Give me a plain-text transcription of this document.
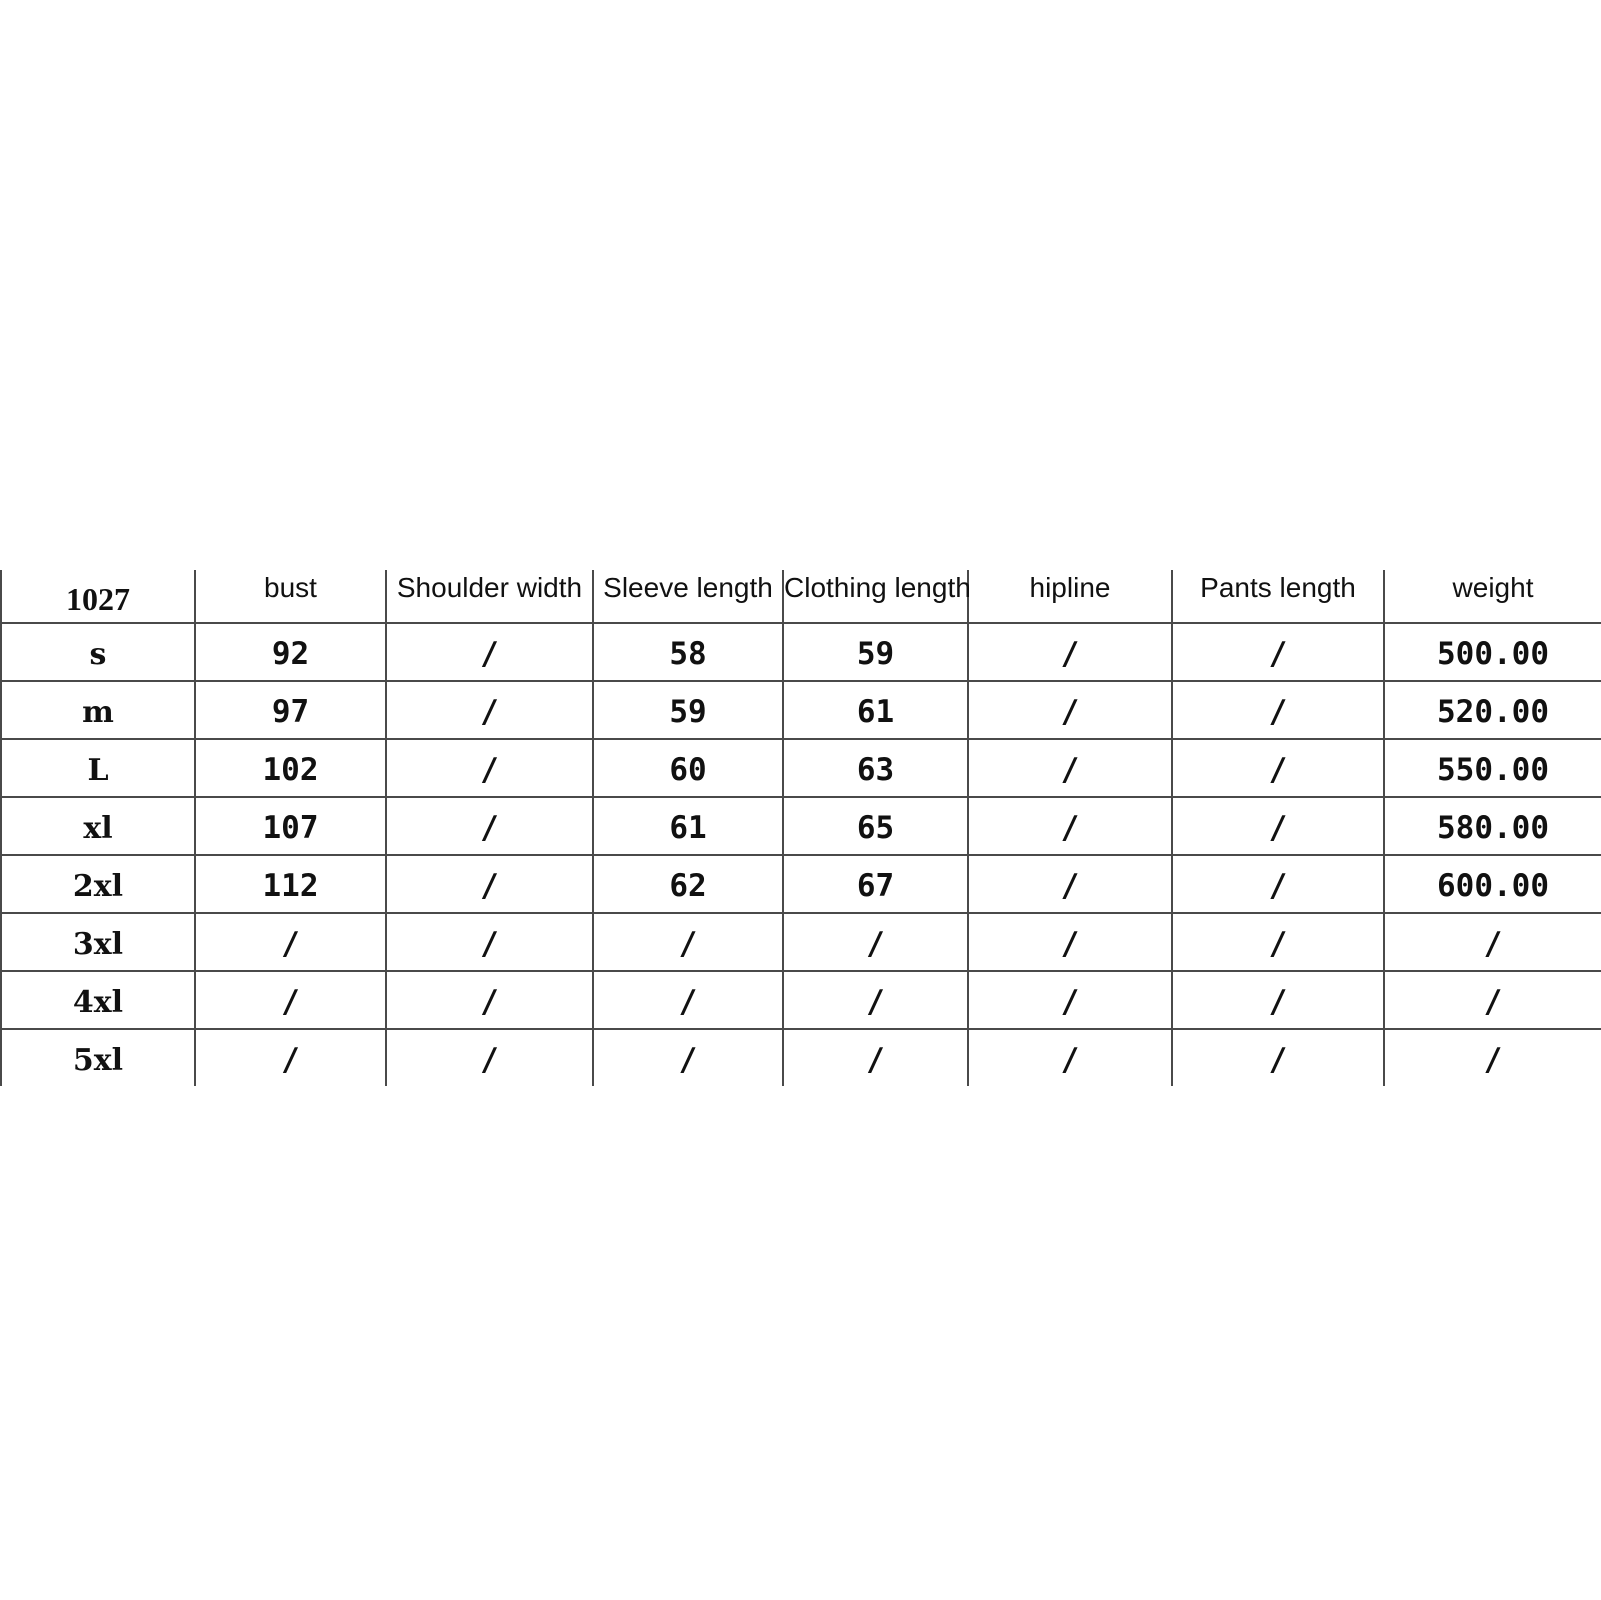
1027	bust	Shoulder width	Sleeve length	Clothing length	hipline	Pants length	weight
s	92	/	58	59	/	/	500.00
m	97	/	59	61	/	/	520.00
L	102	/	60	63	/	/	550.00
xl	107	/	61	65	/	/	580.00
2xl	112	/	62	67	/	/	600.00
3xl	/	/	/	/	/	/	/
4xl	/	/	/	/	/	/	/
5xl	/	/	/	/	/	/	/
